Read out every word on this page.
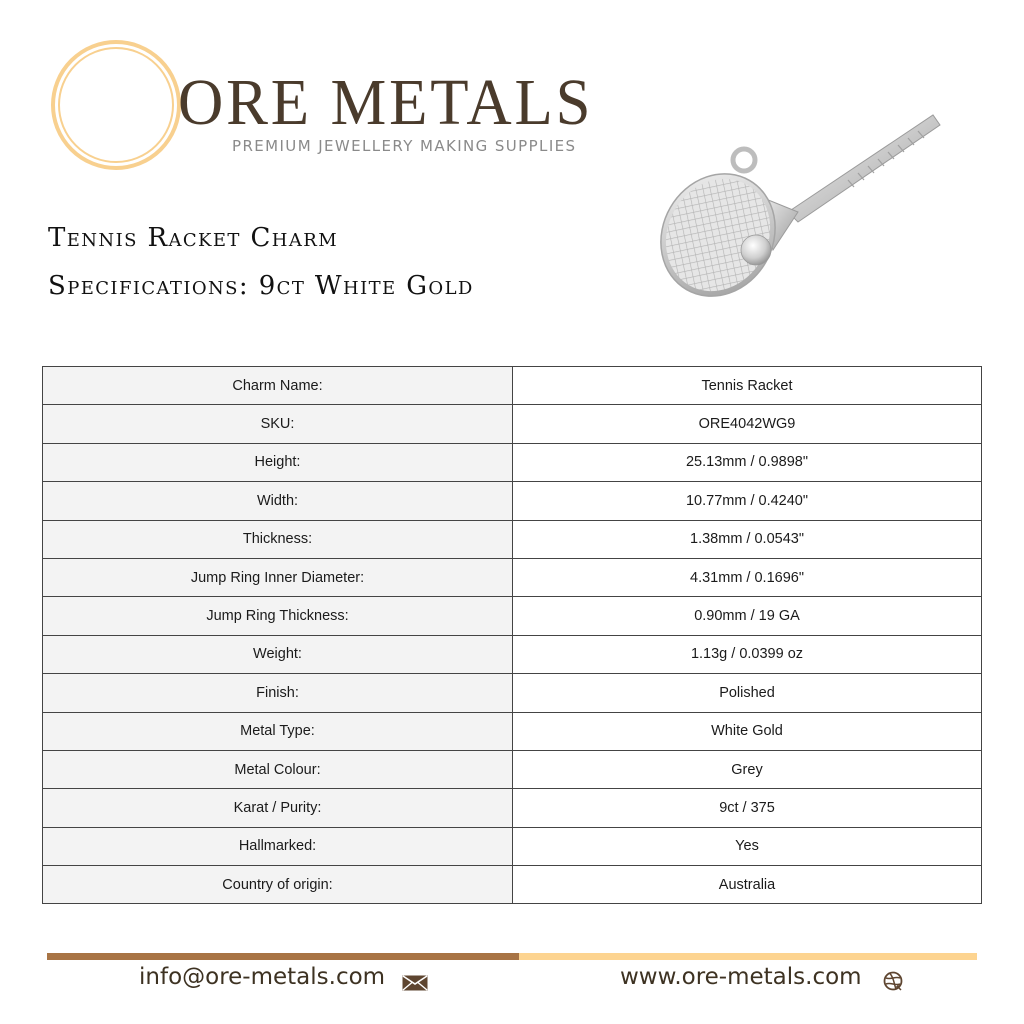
ORE METALS
PREMIUM JEWELLERY MAKING SUPPLIES
Tennis Racket Charm
Specifications: 9ct White Gold
Charm Name:	Tennis Racket
SKU:	ORE4042WG9
Height:	25.13mm / 0.9898"
Width:	10.77mm / 0.4240"
Thickness:	1.38mm / 0.0543"
Jump Ring Inner Diameter:	4.31mm / 0.1696"
Jump Ring Thickness:	0.90mm / 19 GA
Weight:	1.13g / 0.0399 oz
Finish:	Polished
Metal Type:	White Gold
Metal Colour:	Grey
Karat / Purity:	9ct / 375
Hallmarked:	Yes
Country of origin:	Australia
info@ore-metals.com	www.ore-metals.com
